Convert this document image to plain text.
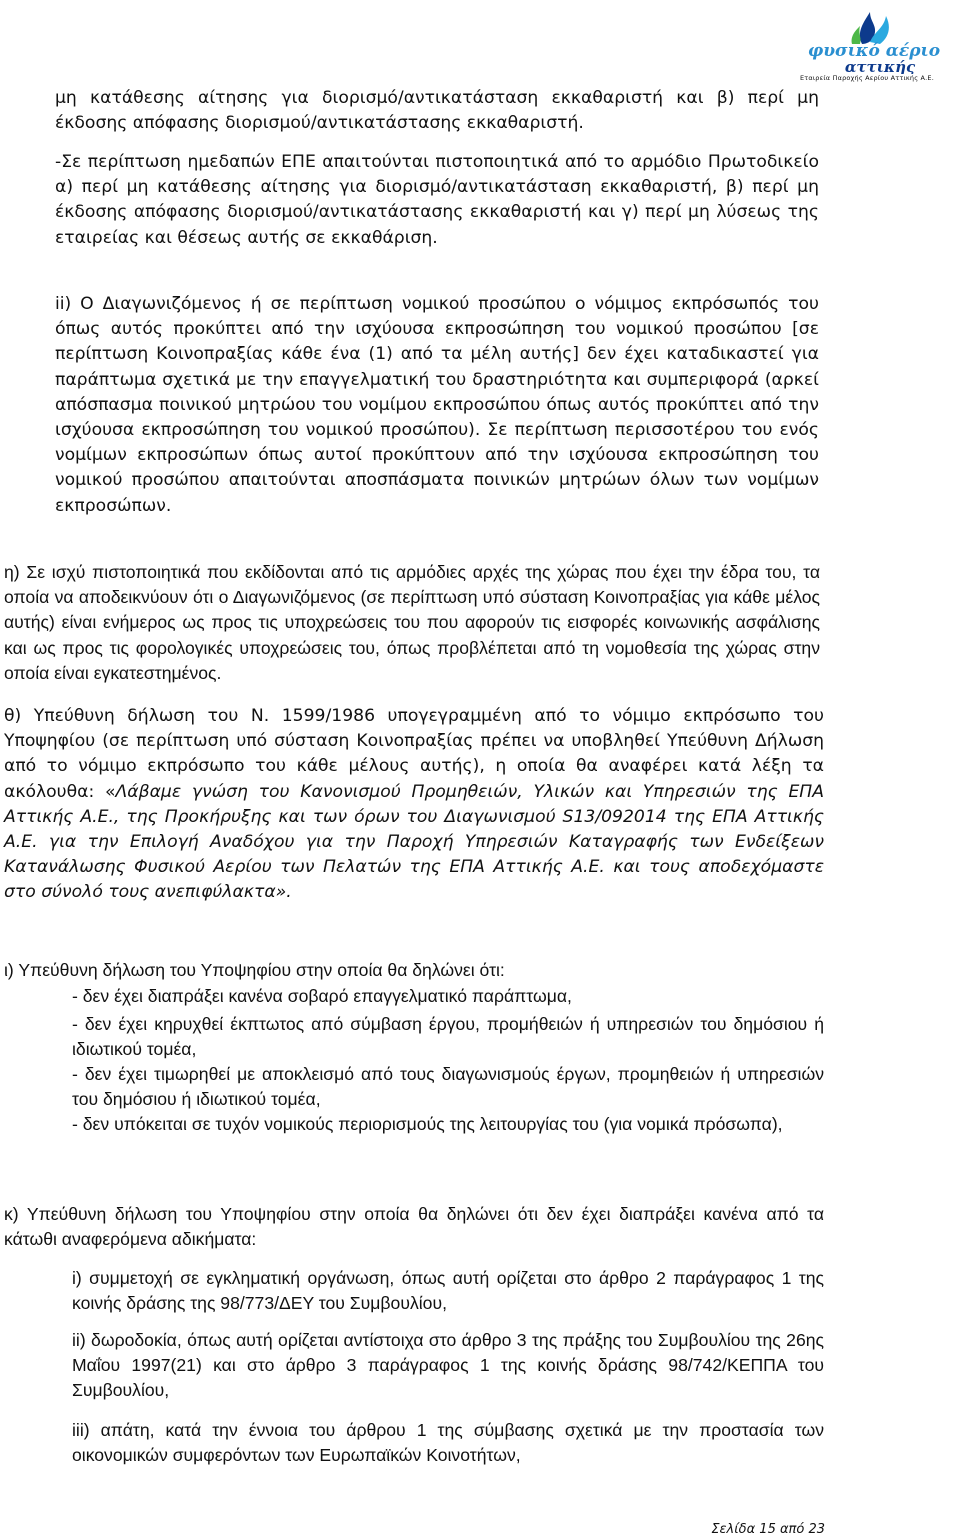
φυσικό αέριο
αττικής
Εταιρεία Παροχής Αερίου Αττικής Α.Ε.

μη κατάθεσης αίτησης για διορισμό/αντικατάσταση εκκαθαριστή και β) περί μη έκδοσης απόφασης διορισμού/αντικατάστασης εκκαθαριστή.

-Σε περίπτωση ημεδαπών ΕΠΕ απαιτούνται πιστοποιητικά από το αρμόδιο Πρωτοδικείο α) περί μη κατάθεσης αίτησης για διορισμό/αντικατάσταση εκκαθαριστή, β) περί μη έκδοσης απόφασης διορισμού/αντικατάστασης εκκαθαριστή και γ) περί μη λύσεως της εταιρείας και θέσεως αυτής σε εκκαθάριση.

ii) Ο Διαγωνιζόμενος ή σε περίπτωση νομικού προσώπου ο νόμιμος εκπρόσωπός του όπως αυτός προκύπτει από την ισχύουσα εκπροσώπηση του νομικού προσώπου [σε περίπτωση Κοινοπραξίας κάθε ένα (1) από τα μέλη αυτής] δεν έχει καταδικαστεί για παράπτωμα σχετικά με την επαγγελματική του δραστηριότητα και συμπεριφορά (αρκεί απόσπασμα ποινικού μητρώου του νομίμου εκπροσώπου όπως αυτός προκύπτει από την ισχύουσα εκπροσώπηση του νομικού προσώπου). Σε περίπτωση περισσοτέρου του ενός νομίμων εκπροσώπων όπως αυτοί προκύπτουν από την ισχύουσα εκπροσώπηση του νομικού προσώπου απαιτούνται αποσπάσματα ποινικών μητρώων όλων των νομίμων εκπροσώπων.

η) Σε ισχύ πιστοποιητικά που εκδίδονται από τις αρμόδιες αρχές της χώρας που έχει την έδρα του, τα οποία να αποδεικνύουν ότι ο Διαγωνιζόμενος (σε περίπτωση υπό σύσταση Κοινοπραξίας για κάθε μέλος αυτής) είναι ενήμερος ως προς τις υποχρεώσεις του που αφορούν τις εισφορές κοινωνικής ασφάλισης και ως προς τις φορολογικές υποχρεώσεις του, όπως προβλέπεται από τη νομοθεσία της χώρας στην οποία είναι εγκατεστημένος.

θ) Υπεύθυνη δήλωση του Ν. 1599/1986 υπογεγραμμένη από το νόμιμο εκπρόσωπο του Υποψηφίου (σε περίπτωση υπό σύσταση Κοινοπραξίας πρέπει να υποβληθεί Υπεύθυνη Δήλωση από το νόμιμο εκπρόσωπο του κάθε μέλους αυτής), η οποία θα αναφέρει κατά λέξη τα ακόλουθα: «Λάβαμε γνώση του Κανονισμού Προμηθειών, Υλικών και Υπηρεσιών της ΕΠΑ Αττικής Α.Ε., της Προκήρυξης και των όρων του Διαγωνισμού S13/092014 της ΕΠΑ Αττικής Α.Ε. για την Επιλογή Αναδόχου για την Παροχή Υπηρεσιών Καταγραφής των Ενδείξεων Κατανάλωσης Φυσικού Αερίου των Πελατών της ΕΠΑ Αττικής Α.Ε. και τους αποδεχόμαστε στο σύνολό τους ανεπιφύλακτα».

ι) Υπεύθυνη δήλωση του Υποψηφίου στην οποία θα δηλώνει ότι:

- δεν έχει διαπράξει κανένα σοβαρό επαγγελματικό παράπτωμα,

- δεν έχει κηρυχθεί έκπτωτος από σύμβαση έργου, προμήθειών ή υπηρεσιών του δημόσιου ή ιδιωτικού τομέα,

- δεν έχει τιμωρηθεί με αποκλεισμό από τους διαγωνισμούς έργων, προμηθειών ή υπηρεσιών του δημόσιου ή ιδιωτικού τομέα,

- δεν υπόκειται σε τυχόν νομικούς περιορισμούς της λειτουργίας του (για νομικά πρόσωπα),

κ) Υπεύθυνη δήλωση του Υποψηφίου στην οποία θα δηλώνει ότι δεν έχει διαπράξει κανένα από τα κάτωθι αναφερόμενα αδικήματα:

i) συμμετοχή σε εγκληματική οργάνωση, όπως αυτή ορίζεται στο άρθρο 2 παράγραφος 1 της κοινής δράσης της 98/773/ΔΕΥ του Συμβουλίου,

ii) δωροδοκία, όπως αυτή ορίζεται αντίστοιχα στο άρθρο 3 της πράξης του Συμβουλίου της 26ης Μαΐου 1997(21) και στο άρθρο 3 παράγραφος 1 της κοινής δράσης 98/742/ΚΕΠΠΑ του Συμβουλίου,

iii) απάτη, κατά την έννοια του άρθρου 1 της σύμβασης σχετικά με την προστασία των οικονομικών συμφερόντων των Ευρωπαϊκών Κοινοτήτων,

Σελίδα 15 από 23
